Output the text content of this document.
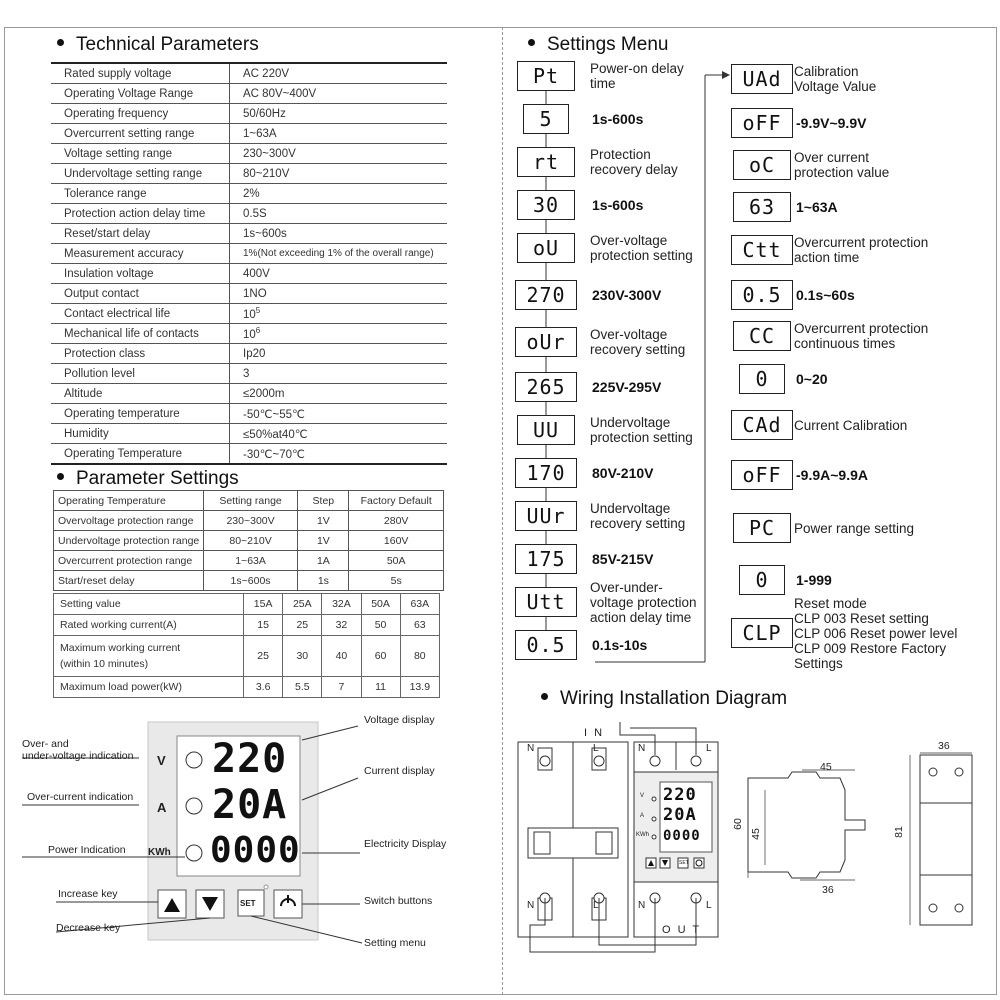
Technical Parameters
Rated supply voltage	AC 220V
Operating Voltage Range	AC 80V~400V
Operating frequency	50/60Hz
Overcurrent setting range	1~63A
Voltage setting range	230~300V
Undervoltage setting range	80~210V
Tolerance range	2%
Protection action delay time	0.5S
Reset/start delay	1s~600s
Measurement accuracy	1%(Not exceeding 1% of the overall range)
Insulation voltage	400V
Output contact	1NO
Contact electrical life	$10^5$
Mechanical life of contacts	$10^6$
Protection class	Ip20
Pollution level	3
Altitude	≤2000m
Operating temperature	-50℃~55℃
Humidity	≤50%at40℃
Operating Temperature	-30℃~70℃
Parameter Settings
Operating Temperature	Setting range	Step	Factory Default
Overvoltage protection range	230~300V	1V	280V
Undervoltage protection range	80~210V	1V	160V
Overcurrent protection range	1~63A	1A	50A
Start/reset delay	1s~600s	1s	5s
Setting value	15A	25A	32A	50A	63A
Rated working current(A)	15	25	32	50	63
Maximum working current
(within 10 minutes)	25	30	40	60	80
Maximum load power(kW)	3.6	5.5	7	11	13.9
220
20A
0000
V
A
KWh
SET
Over- and
under-voltage indication
Over-current indication
Power Indication
Increase key
Decrease key
Voltage display
Current display
Electricity Display
Switch buttons
Setting menu
Settings Menu
Pt	Power-on delay
time
5	1s-600s
rt	Protection
recovery delay
30	1s-600s
oU	Over-voltage
protection setting
270	230V-300V
oUr	Over-voltage
recovery setting
265	225V-295V
UU	Undervoltage
protection setting
170	80V-210V
UUr	Undervoltage
recovery setting
175	85V-215V
Utt
Over-under-
voltage protection
action delay time
0.5	0.1s-10s
UAd Calibration
Voltage Value
oFF	-9.9V~9.9V
oC	Over current
protection value
63	1~63A
Ctt Overcurrent protection
action time
0.5	0.1s~60s
CC	Overcurrent protection
continuous times
0	0~20
CAd Current Calibration
oFF	-9.9A~9.9A
PC	Power range setting
0	1-999
CLP
Reset mode
CLP 003 Reset setting
CLP 006 Reset power level
CLP 009 Restore Factory
Settings
Wiring Installation Diagram
I N
O U T
N	L
N	L
N	L
N	L
220
20A
0000
V
A
KWh
SET
45
60
45
36
36
81
